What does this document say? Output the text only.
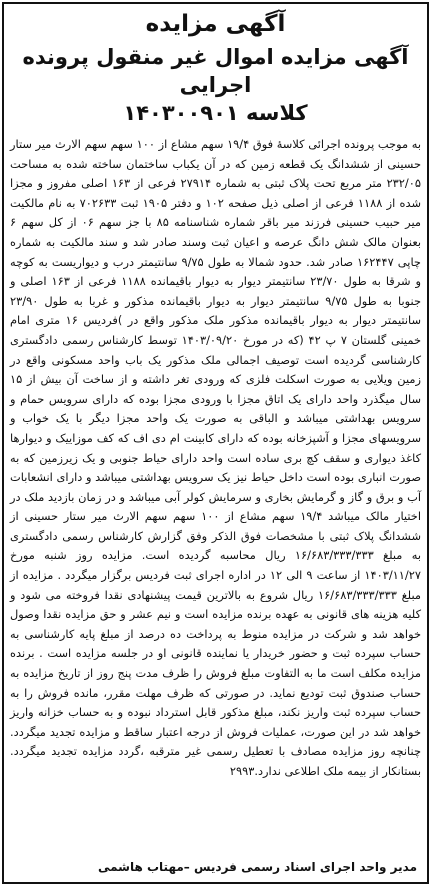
آگهی مزایده
آگهی مزایده اموال غیر منقول پرونده اجرایی
کلاسه ۱۴۰۳۰۰۹۰۱

به موجب پرونده اجرائی کلاسهٔ فوق ۱۹/۴ سهم مشاع از ۱۰۰ سهم سهم الارث میر ستار حسینی از ششدانگ یک قطعه زمین که در آن یکباب ساختمان ساخته شده به مساحت ۲۳۲/۰۵ متر مربع تحت پلاک ثبتی به شماره ۲۷۹۱۴ فرعی از ۱۶۳ اصلی مفروز و مجزا شده از ۱۱۸۸ فرعی از اصلی ذیل صفحه ۱۰۲ و دفتر ۱۹۰۵ ثبت ۷۰۲۶۳۳ به نام مالکیت میر حبیب حسینی فرزند میر باقر شماره شناسنامه ۸۵ با جز سهم ۰۶ از کل سهم ۶ بعنوان مالک شش دانگ عرصه و اعیان ثبت وسند صادر شد و سند مالکیت به شماره چاپی ۱۶۲۴۴۷ صادر شد. حدود شمالا به طول ۹/۷۵ سانتیمتر درب و دیواریست به کوچه و شرقا به طول ۲۳/۷۰ سانتیمتر دیوار به دیوار باقیمانده ۱۱۸۸ فرعی از ۱۶۳ اصلی و جنوبا به طول ۹/۷۵ سانتیمتر دیوار به دیوار باقیمانده مذکور و غربا به طول ۲۳/۹۰ سانتیمتر دیوار به دیوار باقیمانده مذکور ملک مذکور واقع در )فردیس ۱۶ متری امام خمینی گلستان ۷ پ ۴۲ (که در مورخ ۱۴۰۳/۰۹/۲۰ توسط کارشناس رسمی دادگستری کارشناسی گردیده است توصیف اجمالی ملک مذکور یک باب واحد مسکونی واقع در زمین ویلایی به صورت اسکلت فلزی که ورودی تغر داشته و از ساخت آن بیش از ۱۵ سال میگذرد واحد دارای یک اتاق مجزا با ورودی مجزا بوده که دارای سرویس حمام و سرویس بهداشتی میباشد و الباقی به صورت یک واحد مجزا دیگر با یک خواب و سرویسهای مجزا و آشپزخانه بوده که دارای کابینت ام دی اف که کف موزاییک و دیوارها کاغذ دیواری و سقف کچ بری ساده است واحد دارای حیاط جنوبی و یک زیرزمین که به صورت انباری بوده است داخل حیاط نیز یک سرویس بهداشتی میباشد و دارای انشعابات آب و برق و گاز و گرمایش بخاری و سرمایش کولر آبی میباشد و در زمان بازدید ملک در اختیار مالک میباشد ۱۹/۴ سهم مشاع از ۱۰۰ سهم سهم الارث میر ستار حسینی از ششدانگ پلاک ثبتی با مشخصات فوق الذکر وفق گزارش کارشناس رسمی دادگستری به مبلغ ۱۶/۶۸۳/۳۳۳/۳۳۳ ریال محاسبه گردیده است. مزایده روز شنبه مورخ ۱۴۰۳/۱۱/۲۷ از ساعت ۹ الی ۱۲ در اداره اجرای ثبت فردیس برگزار میگردد . مزایده از مبلغ ۱۶/۶۸۳/۳۳۳/۳۳۳ ریال شروع به بالاترین قیمت پیشنهادی نقدا فروخته می شود و کلیه هزینه های قانونی به عهده برنده مزایده است و نیم عشر و حق مزایده نقدا وصول خواهد شد و شرکت در مزایده منوط به پرداخت ده درصد از مبلغ پایه کارشناسی به حساب سپرده ثبت و حضور خریدار یا نماینده قانونی او در جلسه مزایده است . برنده مزایده مکلف است ما به التفاوت مبلغ فروش را ظرف مدت پنج روز از تاریخ مزایده به حساب صندوق ثبت تودیع نماید. در صورتی که ظرف مهلت مقرر، مانده فروش را به حساب سپرده ثبت واریز نکند، مبلغ مذکور قابل استرداد نبوده و به حساب خزانه واریز خواهد شد در این صورت، عملیات فروش از درجه اعتبار ساقط و مزایده تجدید میگردد. چنانچه روز مزایده مصادف با تعطیل رسمی غیر مترقبه ،گردد مزایده تجدید میگردد. بستانکار از بیمه ملک اطلاعی ندارد.۲۹۹۳

مدیر واحد اجرای اسناد رسمی فردیس –مهتاب هاشمی
